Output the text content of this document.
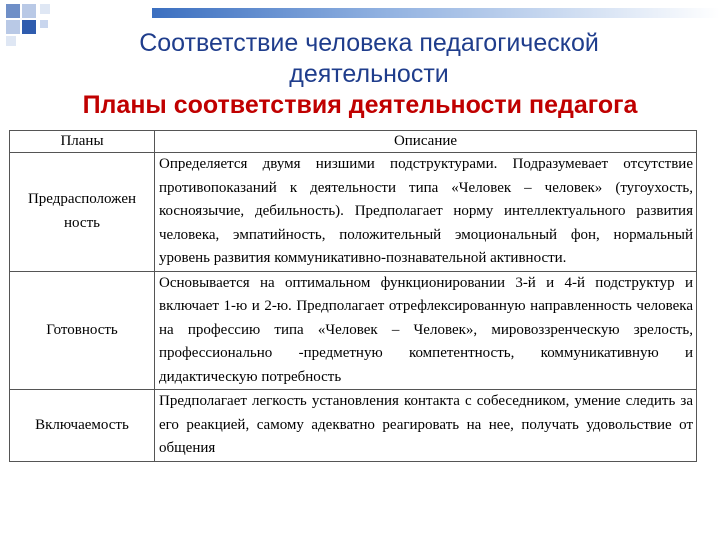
Соответствие человека педагогической
деятельности
Планы соответствия деятельности педагога
Планы	Описание

Предрасположен
ность	Определяется двумя низшими подструктурами. Подразумевает отсутствие противопоказаний к деятельности типа «Человек – человек» (тугоухость, косноязычие, дебильность). Предполагает норму интеллектуального развития человека, эмпатийность, положительный эмоциональный фон, нормальный уровень развития коммуникативно-познавательной активности.

Готовность	Основывается на оптимальном функционировании 3-й и 4-й подструктур и включает 1-ю и 2-ю. Предполагает отрефлексированную направленность человека на профессию типа «Человек – Человек», мировоззренческую зрелость, профессионально -предметную компетентность, коммуникативную и дидактическую потребность

Включаемость	Предполагает легкость установления контакта с собеседником, умение следить за его реакцией, самому адекватно реагировать на нее, получать удовольствие от общения
